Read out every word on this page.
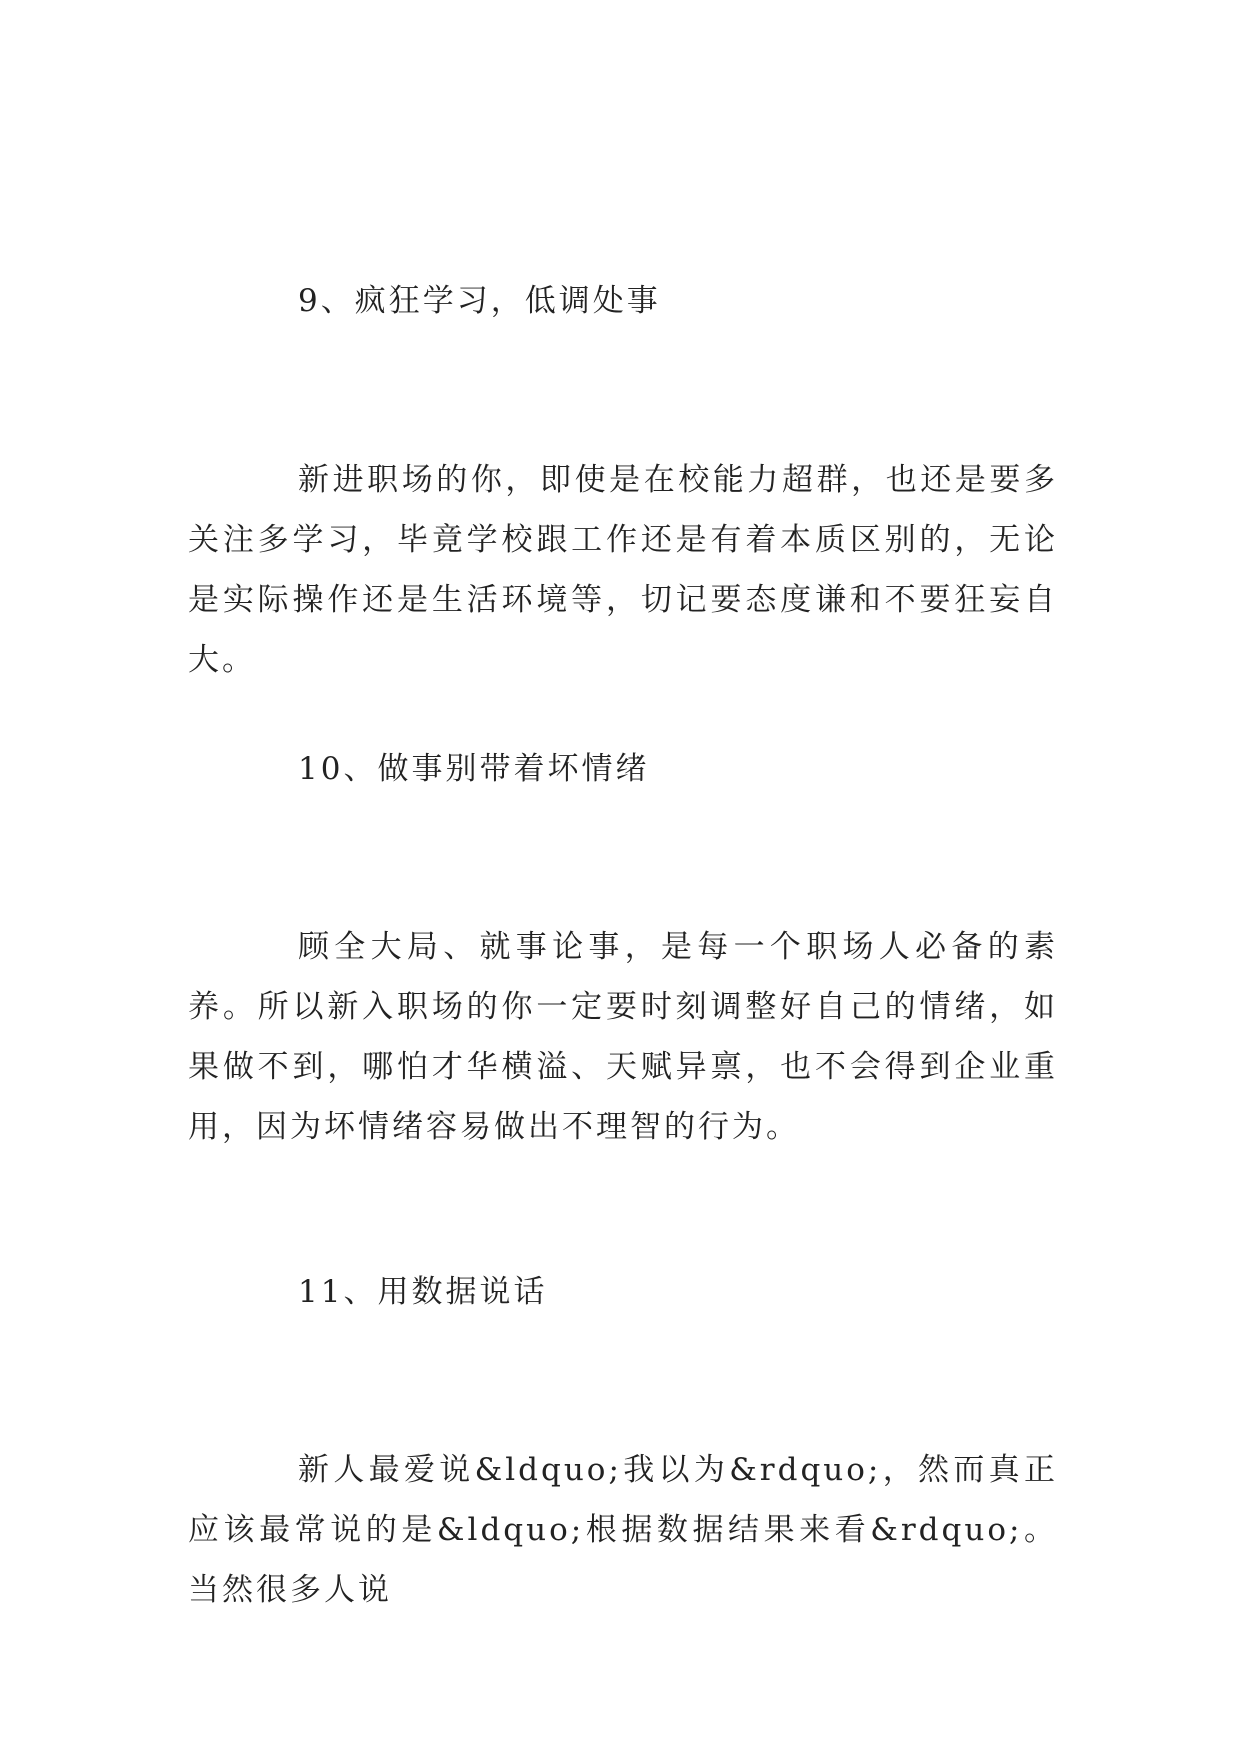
9、疯狂学习，低调处事

新进职场的你，即使是在校能力超群，也还是要多关注多学习，毕竟学校跟工作还是有着本质区别的，无论是实际操作还是生活环境等，切记要态度谦和不要狂妄自大。

10、做事别带着坏情绪

顾全大局、就事论事，是每一个职场人必备的素养。所以新入职场的你一定要时刻调整好自己的情绪，如果做不到，哪怕才华横溢、天赋异禀，也不会得到企业重用，因为坏情绪容易做出不理智的行为。

11、用数据说话

新人最爱说&ldquo;我以为&rdquo;，然而真正应该最常说的是&ldquo;根据数据结果来看&rdquo;。当然很多人说
